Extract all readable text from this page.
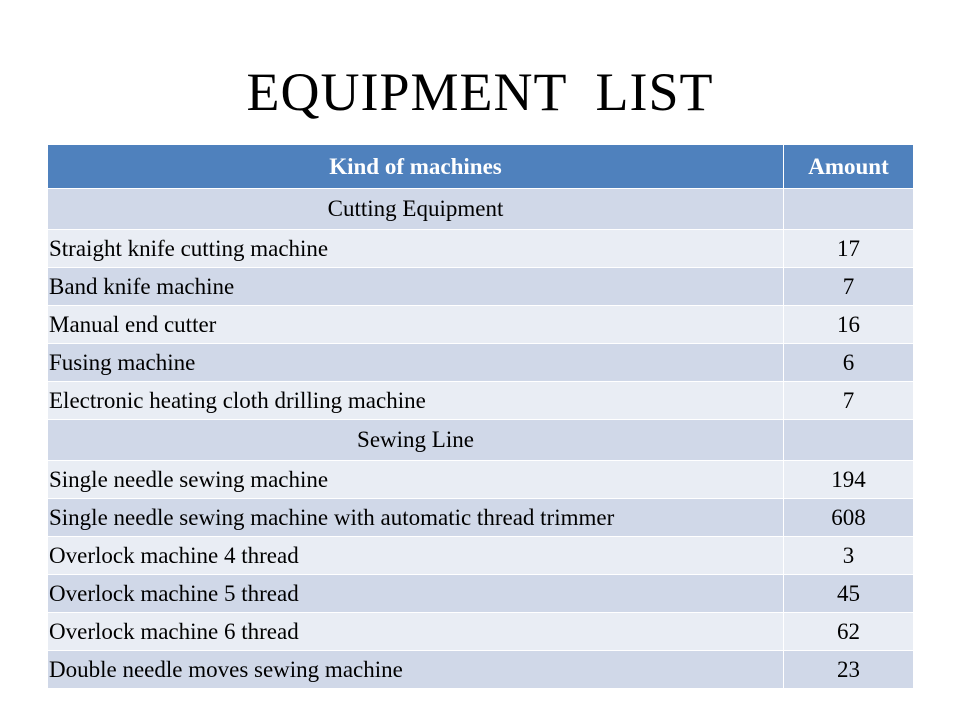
EQUIPMENT  LIST
Kind of machines	Amount
Cutting Equipment	
Straight knife cutting machine	17
Band knife machine	7
Manual end cutter	16
Fusing machine	6
Electronic heating cloth drilling machine	7
Sewing Line	
Single needle sewing machine	194
Single needle sewing machine with automatic thread trimmer	608
Overlock machine 4 thread	3
Overlock machine 5 thread	45
Overlock machine 6 thread	62
Double needle moves sewing machine	23
